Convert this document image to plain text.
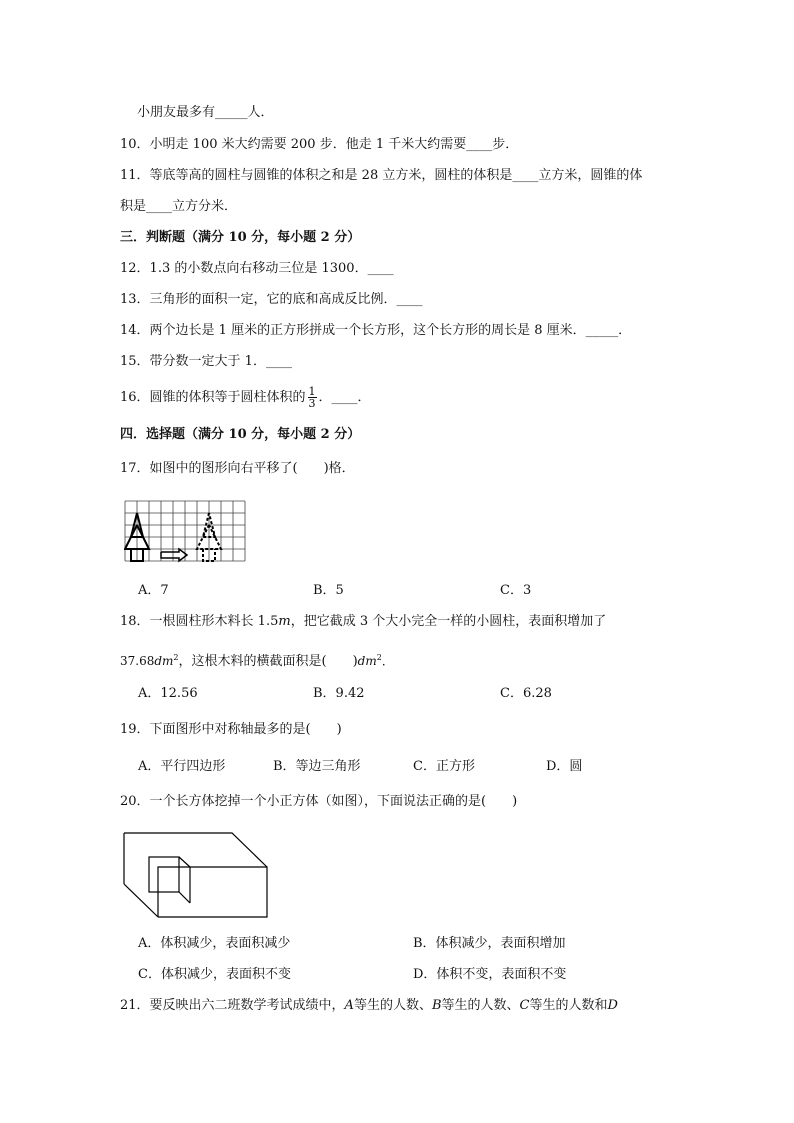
小朋友最多有_____人．
10．小明走 100 米大约需要 200 步．他走 1 千米大约需要____步．
11．等底等高的圆柱与圆锥的体积之和是 28 立方米，圆柱的体积是____立方米，圆锥的体
积是____立方分米．
三．判断题（满分 10 分，每小题 2 分）
12．1.3 的小数点向右移动三位是 1300．____
13．三角形的面积一定，它的底和高成反比例．____
14．两个边长是 1 厘米的正方形拼成一个长方形，这个长方形的周长是 8 厘米．_____．
15．带分数一定大于 1．____
16．圆锥的体积等于圆柱体积的 $\frac{1}{3}$ ．____．
四．选择题（满分 10 分，每小题 2 分）
17．如图中的图形向右平移了(　　)格．
A．7	B．5	C．3
18．一根圆柱形木料长 1.5m，把它截成 3 个大小完全一样的小圆柱，表面积增加了
$37.68dm^2$，这根木料的横截面积是(　　)$dm^2$．
A．12.56	B．9.42	C．6.28
19．下面图形中对称轴最多的是(　　)
A．平行四边形	B．等边三角形	C．正方形	D．圆
20．一个长方体挖掉一个小正方体（如图），下面说法正确的是(　　)
A．体积减少，表面积减少	B．体积减少，表面积增加
C．体积减少，表面积不变	D．体积不变，表面积不变
21．要反映出六二班数学考试成绩中，A等生的人数、B等生的人数、C等生的人数和D
